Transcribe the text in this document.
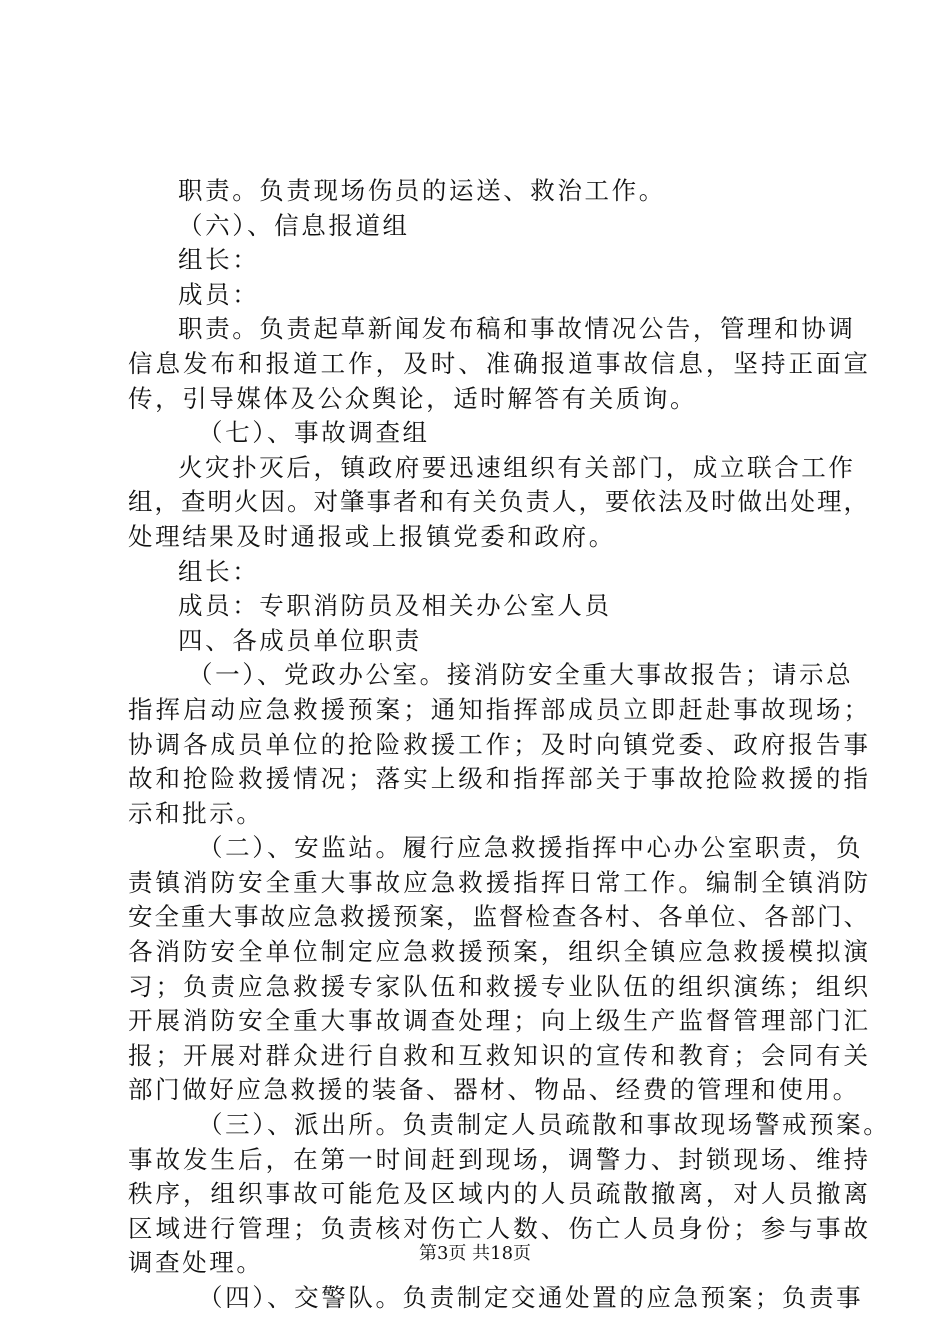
职责。负责现场伤员的运送、救治工作。
（六）、信息报道组
组长：
成员：
职责。负责起草新闻发布稿和事故情况公告，管理和协调
信息发布和报道工作，及时、准确报道事故信息，坚持正面宣
传，引导媒体及公众舆论，适时解答有关质询。
（七）、事故调查组
火灾扑灭后，镇政府要迅速组织有关部门，成立联合工作
组，查明火因。对肇事者和有关负责人，要依法及时做出处理，
处理结果及时通报或上报镇党委和政府。
组长：
成员：专职消防员及相关办公室人员
四、各成员单位职责
（一）、党政办公室。接消防安全重大事故报告；请示总
指挥启动应急救援预案；通知指挥部成员立即赶赴事故现场；
协调各成员单位的抢险救援工作；及时向镇党委、政府报告事
故和抢险救援情况；落实上级和指挥部关于事故抢险救援的指
示和批示。
（二）、安监站。履行应急救援指挥中心办公室职责，负
责镇消防安全重大事故应急救援指挥日常工作。编制全镇消防
安全重大事故应急救援预案，监督检查各村、各单位、各部门、
各消防安全单位制定应急救援预案，组织全镇应急救援模拟演
习；负责应急救援专家队伍和救援专业队伍的组织演练；组织
开展消防安全重大事故调查处理；向上级生产监督管理部门汇
报；开展对群众进行自救和互救知识的宣传和教育；会同有关
部门做好应急救援的装备、器材、物品、经费的管理和使用。
（三）、派出所。负责制定人员疏散和事故现场警戒预案。
事故发生后，在第一时间赶到现场，调警力、封锁现场、维持
秩序，组织事故可能危及区域内的人员疏散撤离，对人员撤离
区域进行管理；负责核对伤亡人数、伤亡人员身份；参与事故
调查处理。
（四）、交警队。负责制定交通处置的应急预案；负责事
第3页 共18页
